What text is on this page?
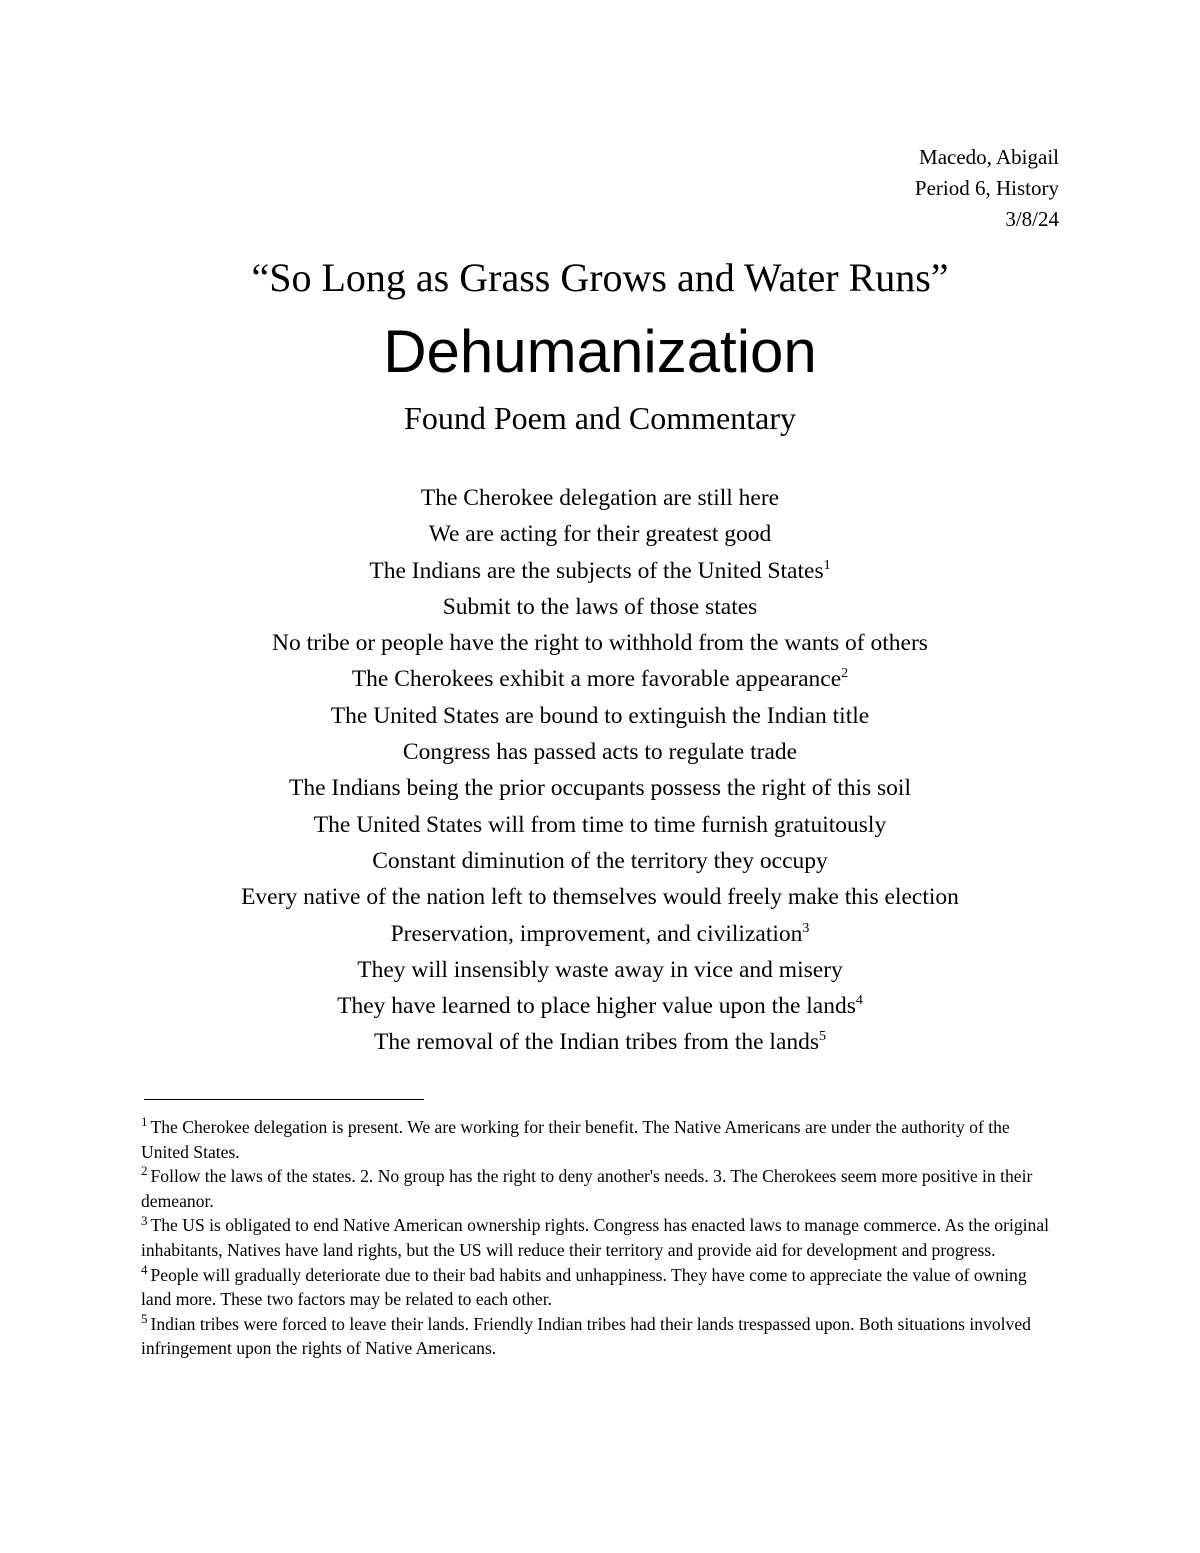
Macedo, Abigail
Period 6, History
3/8/24
“So Long as Grass Grows and Water Runs”
Dehumanization
Found Poem and Commentary
The Cherokee delegation are still here
We are acting for their greatest good
The Indians are the subjects of the United States$^1$
Submit to the laws of those states
No tribe or people have the right to withhold from the wants of others
The Cherokees exhibit a more favorable appearance$^2$
The United States are bound to extinguish the Indian title
Congress has passed acts to regulate trade
The Indians being the prior occupants possess the right of this soil
The United States will from time to time furnish gratuitously
Constant diminution of the territory they occupy
Every native of the nation left to themselves would freely make this election
Preservation, improvement, and civilization$^3$
They will insensibly waste away in vice and misery
They have learned to place higher value upon the lands$^4$
The removal of the Indian tribes from the lands$^5$
$^1$ The Cherokee delegation is present. We are working for their benefit. The Native Americans are under the authority of the United States.
$^2$ Follow the laws of the states. 2. No group has the right to deny another's needs. 3. The Cherokees seem more positive in their demeanor.
$^3$ The US is obligated to end Native American ownership rights. Congress has enacted laws to manage commerce. As the original inhabitants, Natives have land rights, but the US will reduce their territory and provide aid for development and progress.
$^4$ People will gradually deteriorate due to their bad habits and unhappiness. They have come to appreciate the value of owning land more. These two factors may be related to each other.
$^5$ Indian tribes were forced to leave their lands. Friendly Indian tribes had their lands trespassed upon. Both situations involved infringement upon the rights of Native Americans.
